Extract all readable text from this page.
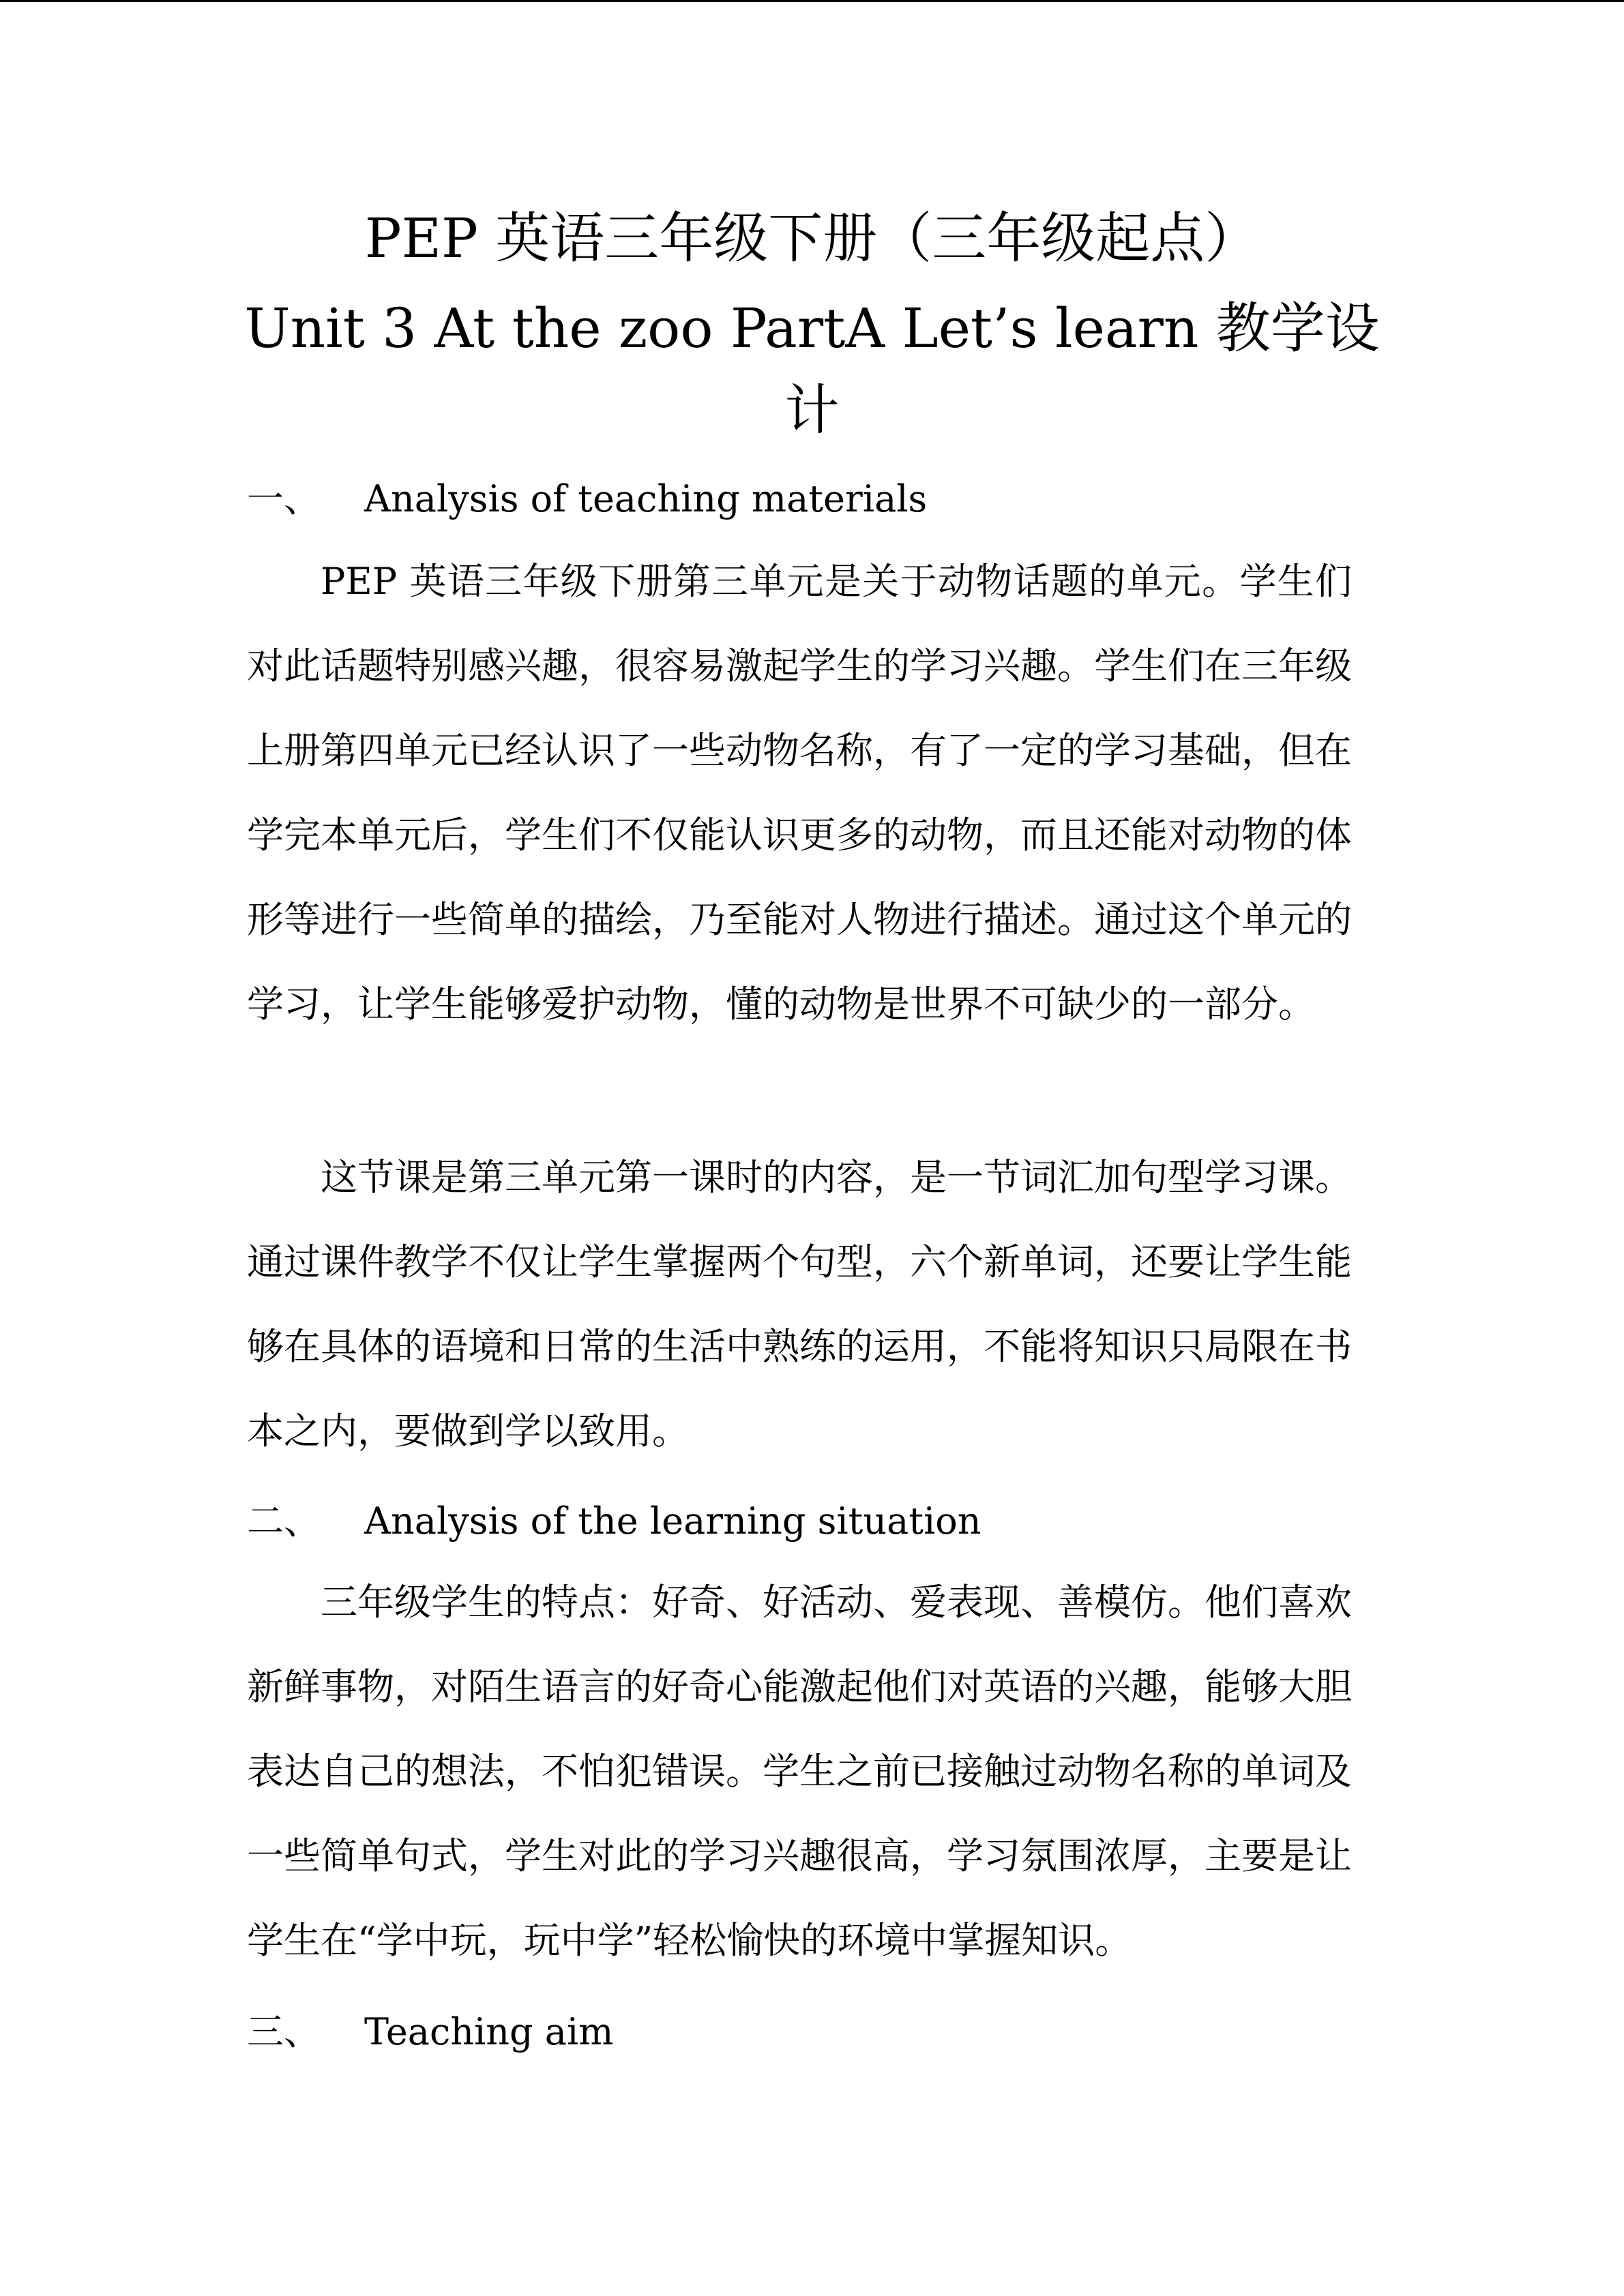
PEP 英语三年级下册（三年级起点）
Unit 3 At the zoo PartA Let’s learn 教学设
计
一、 Analysis of teaching materials

PEP 英语三年级下册第三单元是关于动物话题的单元。学生们对此话题特别感兴趣，很容易激起学生的学习兴趣。学生们在三年级上册第四单元已经认识了一些动物名称，有了一定的学习基础，但在学完本单元后，学生们不仅能认识更多的动物，而且还能对动物的体形等进行一些简单的描绘，乃至能对人物进行描述。通过这个单元的学习，让学生能够爱护动物，懂的动物是世界不可缺少的一部分。

这节课是第三单元第一课时的内容，是一节词汇加句型学习课。通过课件教学不仅让学生掌握两个句型，六个新单词，还要让学生能够在具体的语境和日常的生活中熟练的运用，不能将知识只局限在书本之内，要做到学以致用。

二、 Analysis of the learning situation

三年级学生的特点：好奇、好活动、爱表现、善模仿。他们喜欢新鲜事物，对陌生语言的好奇心能激起他们对英语的兴趣，能够大胆表达自己的想法，不怕犯错误。学生之前已接触过动物名称的单词及一些简单句式，学生对此的学习兴趣很高，学习氛围浓厚，主要是让学生在“学中玩，玩中学”轻松愉快的环境中掌握知识。

三、 Teaching aim
